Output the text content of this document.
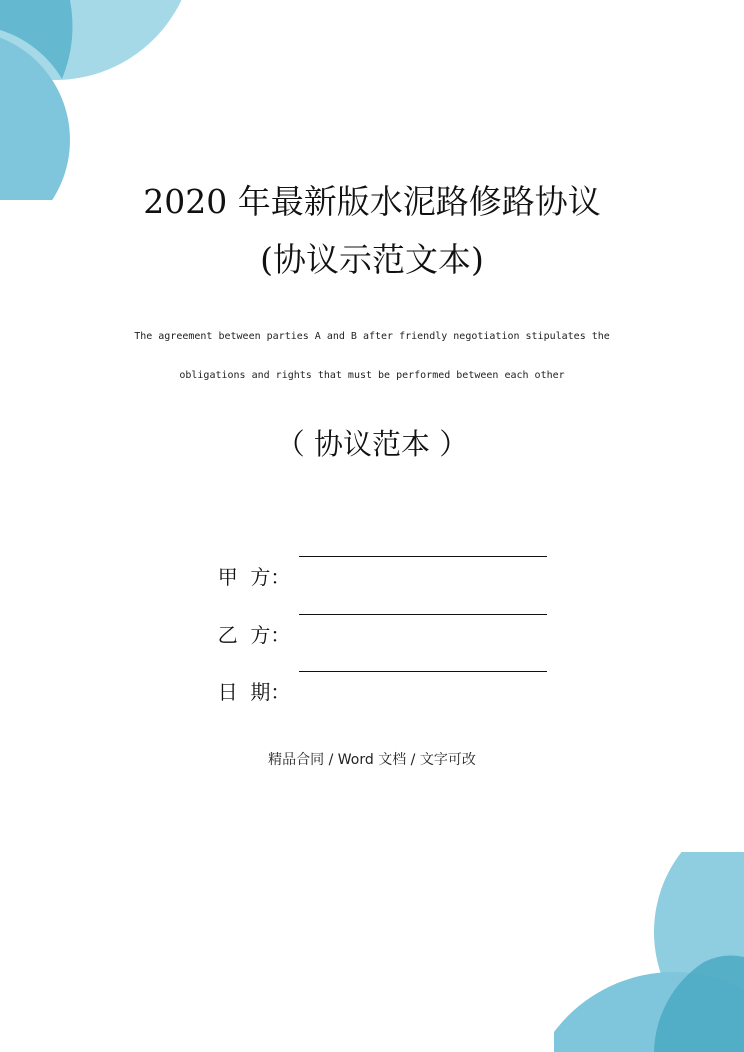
2020 年最新版水泥路修路协议
(协议示范文本)
The agreement between parties A and B after friendly negotiation stipulates the
obligations and rights that must be performed between each other
（ 协议范本 ）

甲  方：

乙  方：

日  期：

精品合同 / Word 文档 / 文字可改
